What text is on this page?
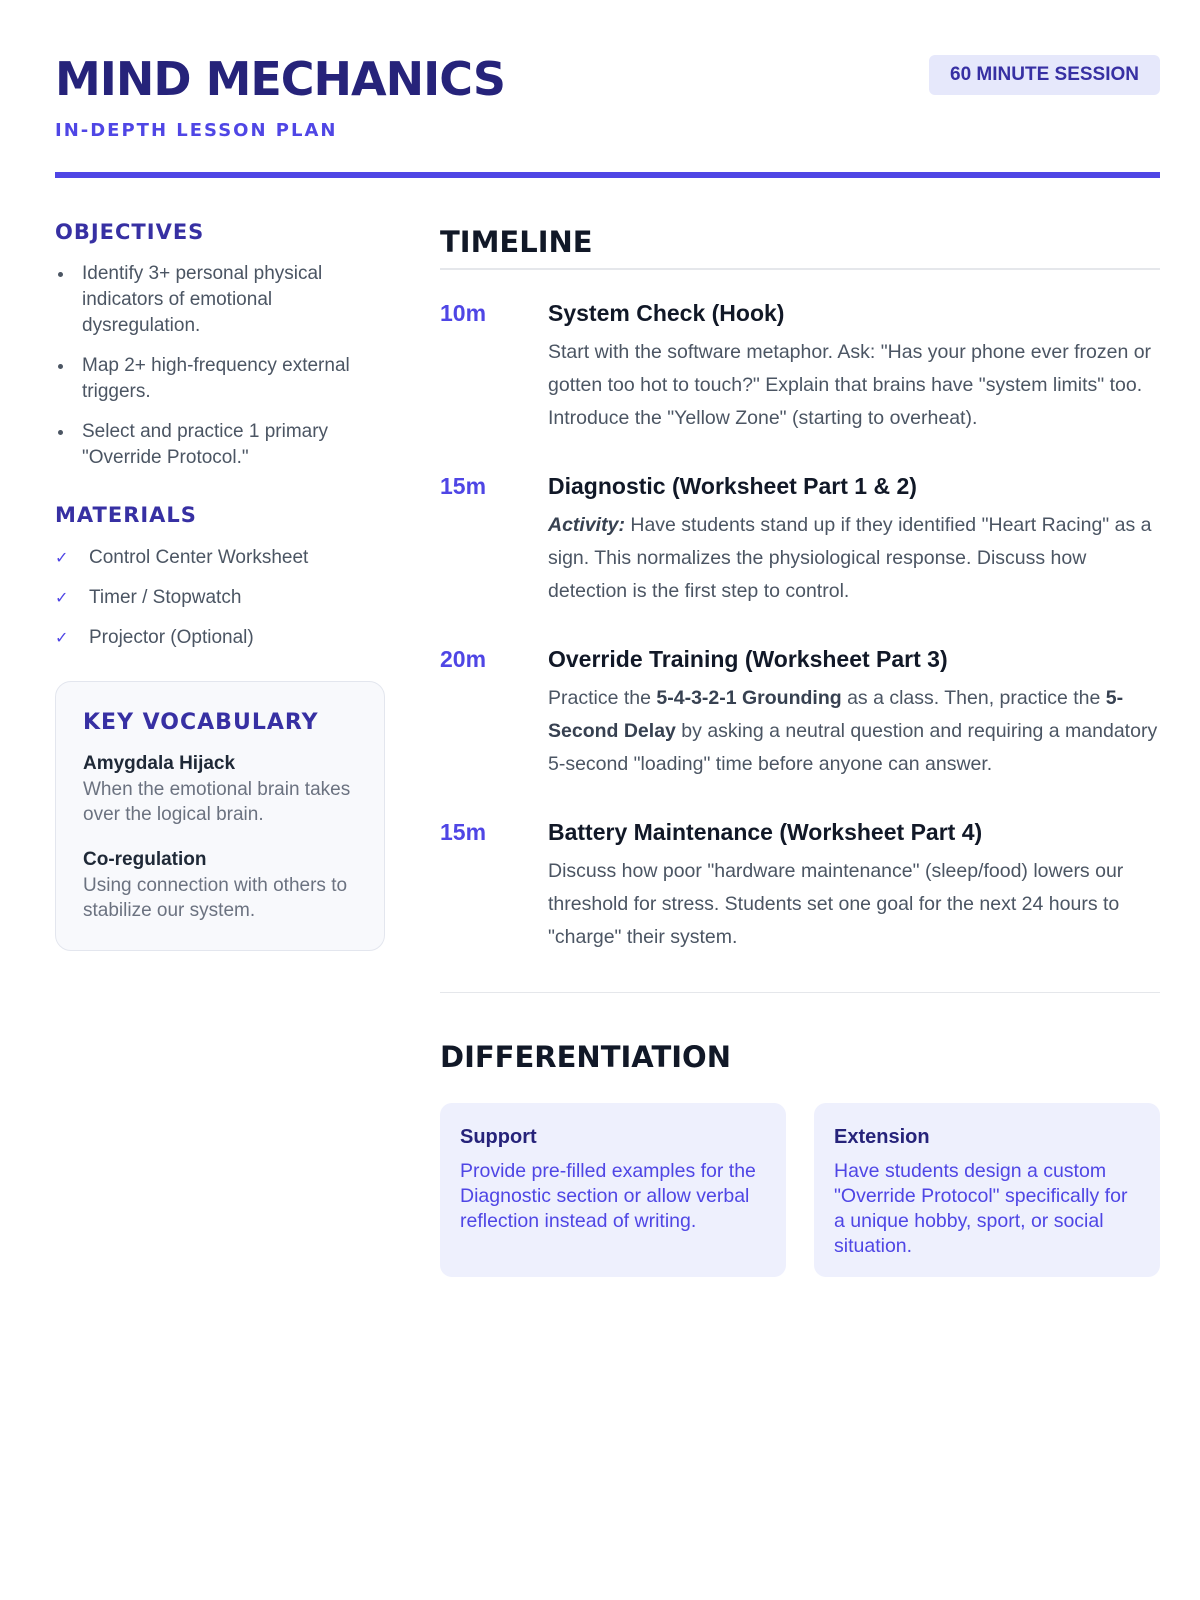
MIND MECHANICS
IN-DEPTH LESSON PLAN
60 MINUTE SESSION
OBJECTIVES
Identify 3+ personal physical indicators of emotional dysregulation.
Map 2+ high-frequency external triggers.
Select and practice 1 primary "Override Protocol."
MATERIALS
✓	Control Center Worksheet
✓	Timer / Stopwatch
✓	Projector (Optional)
KEY VOCABULARY
Amygdala Hijack
When the emotional brain takes over the logical brain.
Co-regulation
Using connection with others to stabilize our system.
TIMELINE
10m	System Check (Hook)
Start with the software metaphor. Ask: "Has your phone ever frozen or gotten too hot to touch?" Explain that brains have "system limits" too. Introduce the "Yellow Zone" (starting to overheat).
15m	Diagnostic (Worksheet Part 1 & 2)
Activity: Have students stand up if they identified "Heart Racing" as a sign. This normalizes the physiological response. Discuss how detection is the first step to control.
20m	Override Training (Worksheet Part 3)
Practice the 5-4-3-2-1 Grounding as a class. Then, practice the 5-Second Delay by asking a neutral question and requiring a mandatory 5-second "loading" time before anyone can answer.
15m	Battery Maintenance (Worksheet Part 4)
Discuss how poor "hardware maintenance" (sleep/food) lowers our threshold for stress. Students set one goal for the next 24 hours to "charge" their system.
DIFFERENTIATION
Support
Provide pre-filled examples for the Diagnostic section or allow verbal reflection instead of writing.
Extension
Have students design a custom "Override Protocol" specifically for a unique hobby, sport, or social situation.
